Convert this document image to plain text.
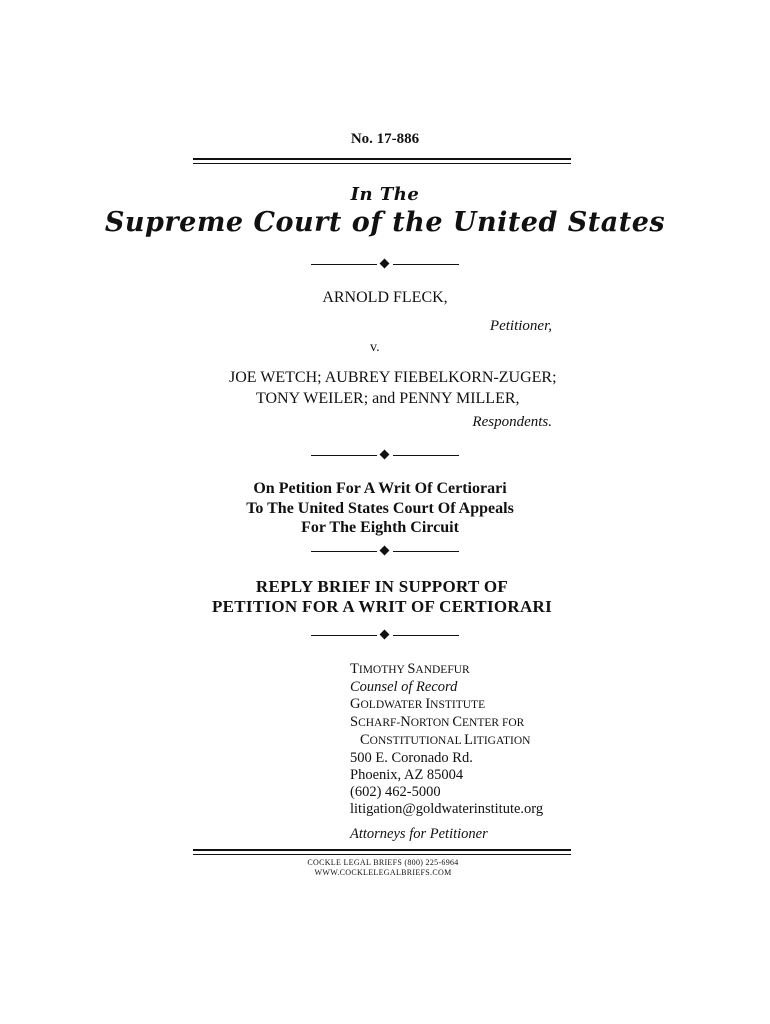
No. 17-886
In The
Supreme Court of the United States
ARNOLD FLECK,
Petitioner,
v.
JOE WETCH; AUBREY FIEBELKORN-ZUGER;
TONY WEILER; and PENNY MILLER,
Respondents.
On Petition For A Writ Of Certiorari
To The United States Court Of Appeals
For The Eighth Circuit
REPLY BRIEF IN SUPPORT OF
PETITION FOR A WRIT OF CERTIORARI
TIMOTHY SANDEFUR
Counsel of Record
GOLDWATER INSTITUTE
SCHARF-NORTON CENTER FOR
CONSTITUTIONAL LITIGATION
500 E. Coronado Rd.
Phoenix, AZ 85004
(602) 462-5000
litigation@goldwaterinstitute.org
Attorneys for Petitioner
COCKLE LEGAL BRIEFS (800) 225-6964
WWW.COCKLELEGALBRIEFS.COM
